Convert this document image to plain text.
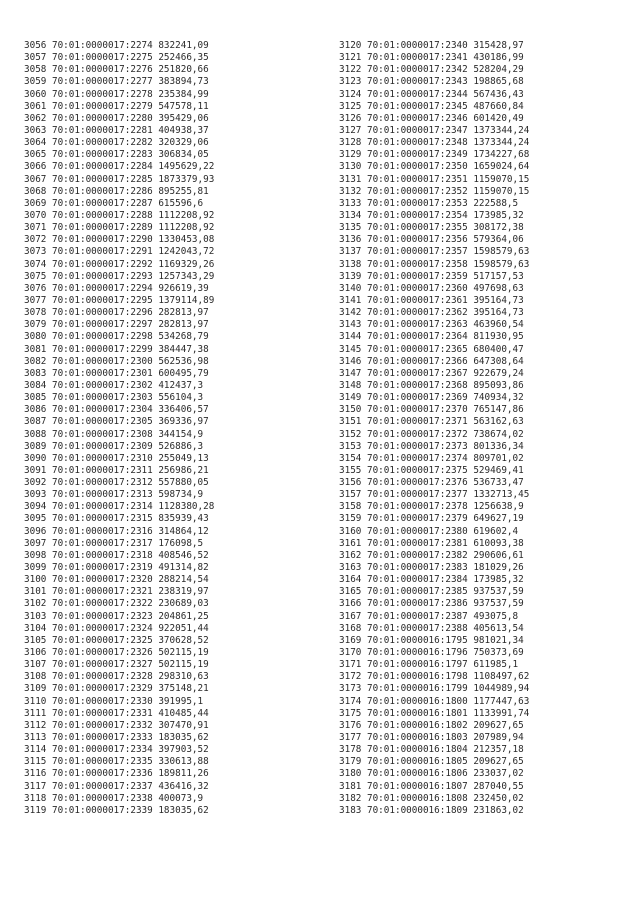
3056 70:01:0000017:2274 832241,09
3057 70:01:0000017:2275 252466,35
3058 70:01:0000017:2276 251820,66
3059 70:01:0000017:2277 383894,73
3060 70:01:0000017:2278 235384,99
3061 70:01:0000017:2279 547578,11
3062 70:01:0000017:2280 395429,06
3063 70:01:0000017:2281 404938,37
3064 70:01:0000017:2282 320329,06
3065 70:01:0000017:2283 306834,05
3066 70:01:0000017:2284 1495629,22
3067 70:01:0000017:2285 1873379,93
3068 70:01:0000017:2286 895255,81
3069 70:01:0000017:2287 615596,6
3070 70:01:0000017:2288 1112208,92
3071 70:01:0000017:2289 1112208,92
3072 70:01:0000017:2290 1330453,08
3073 70:01:0000017:2291 1242043,72
3074 70:01:0000017:2292 1169329,26
3075 70:01:0000017:2293 1257343,29
3076 70:01:0000017:2294 926619,39
3077 70:01:0000017:2295 1379114,89
3078 70:01:0000017:2296 282813,97
3079 70:01:0000017:2297 282813,97
3080 70:01:0000017:2298 534268,79
3081 70:01:0000017:2299 384447,38
3082 70:01:0000017:2300 562536,98
3083 70:01:0000017:2301 600495,79
3084 70:01:0000017:2302 412437,3
3085 70:01:0000017:2303 556104,3
3086 70:01:0000017:2304 336406,57
3087 70:01:0000017:2305 369336,97
3088 70:01:0000017:2308 344154,9
3089 70:01:0000017:2309 526886,3
3090 70:01:0000017:2310 255049,13
3091 70:01:0000017:2311 256986,21
3092 70:01:0000017:2312 557880,05
3093 70:01:0000017:2313 598734,9
3094 70:01:0000017:2314 1128380,28
3095 70:01:0000017:2315 835939,43
3096 70:01:0000017:2316 314864,12
3097 70:01:0000017:2317 176098,5
3098 70:01:0000017:2318 408546,52
3099 70:01:0000017:2319 491314,82
3100 70:01:0000017:2320 288214,54
3101 70:01:0000017:2321 238319,97
3102 70:01:0000017:2322 230689,03
3103 70:01:0000017:2323 204861,25
3104 70:01:0000017:2324 922051,44
3105 70:01:0000017:2325 370628,52
3106 70:01:0000017:2326 502115,19
3107 70:01:0000017:2327 502115,19
3108 70:01:0000017:2328 298310,63
3109 70:01:0000017:2329 375148,21
3110 70:01:0000017:2330 391995,1
3111 70:01:0000017:2331 410485,44
3112 70:01:0000017:2332 307470,91
3113 70:01:0000017:2333 183035,62
3114 70:01:0000017:2334 397903,52
3115 70:01:0000017:2335 330613,88
3116 70:01:0000017:2336 189811,26
3117 70:01:0000017:2337 436416,32
3118 70:01:0000017:2338 400073,9
3119 70:01:0000017:2339 183035,62
3120 70:01:0000017:2340 315428,97
3121 70:01:0000017:2341 430186,99
3122 70:01:0000017:2342 528204,29
3123 70:01:0000017:2343 198865,68
3124 70:01:0000017:2344 567436,43
3125 70:01:0000017:2345 487660,84
3126 70:01:0000017:2346 601420,49
3127 70:01:0000017:2347 1373344,24
3128 70:01:0000017:2348 1373344,24
3129 70:01:0000017:2349 1734227,68
3130 70:01:0000017:2350 1659024,64
3131 70:01:0000017:2351 1159070,15
3132 70:01:0000017:2352 1159070,15
3133 70:01:0000017:2353 222588,5
3134 70:01:0000017:2354 173985,32
3135 70:01:0000017:2355 308172,38
3136 70:01:0000017:2356 579364,06
3137 70:01:0000017:2357 1598579,63
3138 70:01:0000017:2358 1598579,63
3139 70:01:0000017:2359 517157,53
3140 70:01:0000017:2360 497698,63
3141 70:01:0000017:2361 395164,73
3142 70:01:0000017:2362 395164,73
3143 70:01:0000017:2363 463960,54
3144 70:01:0000017:2364 811930,95
3145 70:01:0000017:2365 680400,47
3146 70:01:0000017:2366 647308,64
3147 70:01:0000017:2367 922679,24
3148 70:01:0000017:2368 895093,86
3149 70:01:0000017:2369 740934,32
3150 70:01:0000017:2370 765147,86
3151 70:01:0000017:2371 563162,63
3152 70:01:0000017:2372 738674,02
3153 70:01:0000017:2373 801336,34
3154 70:01:0000017:2374 809701,02
3155 70:01:0000017:2375 529469,41
3156 70:01:0000017:2376 536733,47
3157 70:01:0000017:2377 1332713,45
3158 70:01:0000017:2378 1256638,9
3159 70:01:0000017:2379 649627,19
3160 70:01:0000017:2380 619602,4
3161 70:01:0000017:2381 610093,38
3162 70:01:0000017:2382 290606,61
3163 70:01:0000017:2383 181029,26
3164 70:01:0000017:2384 173985,32
3165 70:01:0000017:2385 937537,59
3166 70:01:0000017:2386 937537,59
3167 70:01:0000017:2387 493075,8
3168 70:01:0000017:2388 405613,54
3169 70:01:0000016:1795 981021,34
3170 70:01:0000016:1796 750373,69
3171 70:01:0000016:1797 611985,1
3172 70:01:0000016:1798 1108497,62
3173 70:01:0000016:1799 1044989,94
3174 70:01:0000016:1800 1177447,63
3175 70:01:0000016:1801 1133991,74
3176 70:01:0000016:1802 209627,65
3177 70:01:0000016:1803 207989,94
3178 70:01:0000016:1804 212357,18
3179 70:01:0000016:1805 209627,65
3180 70:01:0000016:1806 233037,02
3181 70:01:0000016:1807 287040,55
3182 70:01:0000016:1808 232450,02
3183 70:01:0000016:1809 231863,02
